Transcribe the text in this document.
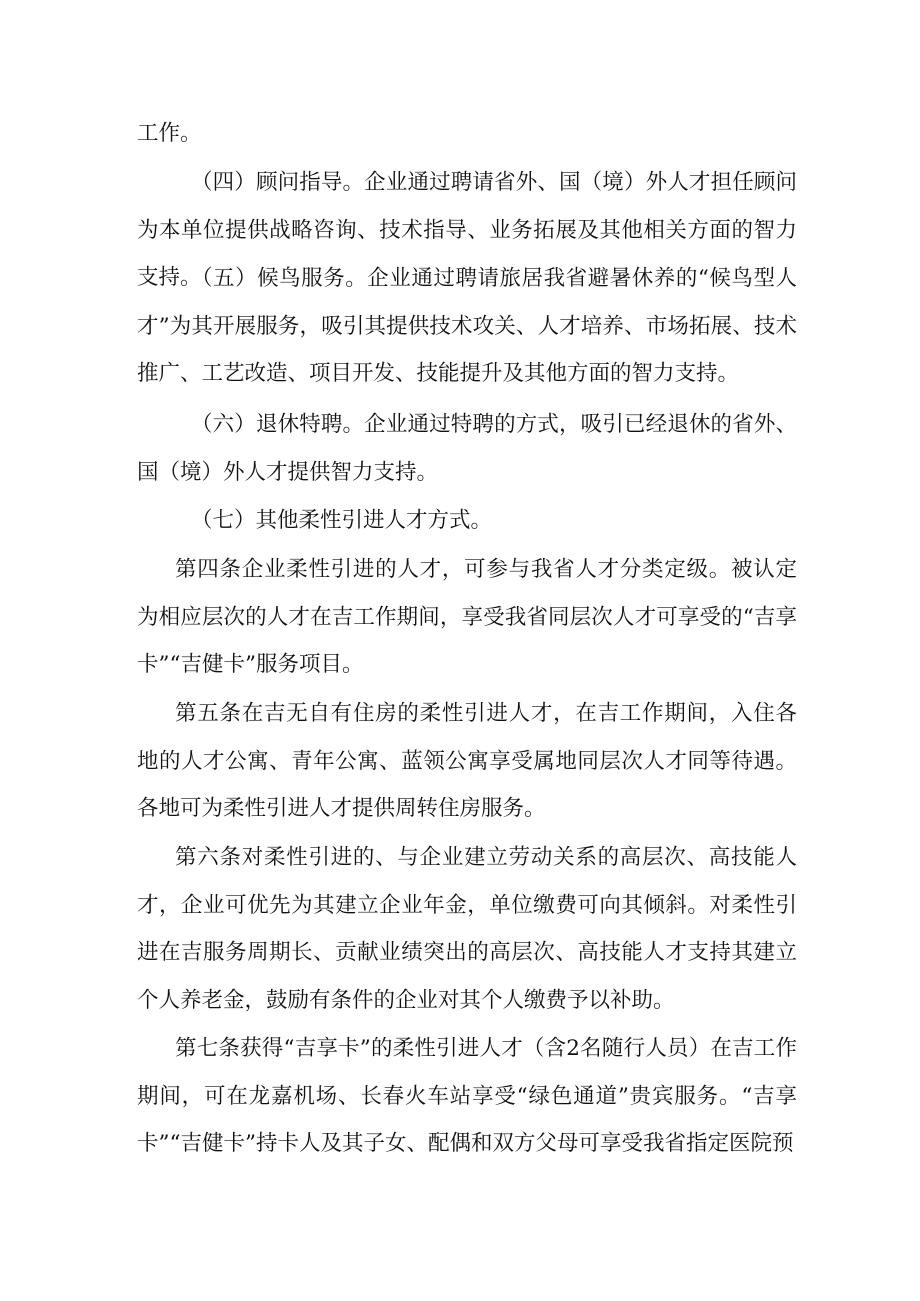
工作。

（四）顾问指导。企业通过聘请省外、国（境）外人才担任顾问为本单位提供战略咨询、技术指导、业务拓展及其他相关方面的智力支持。

（五）候鸟服务。企业通过聘请旅居我省避暑休养的“候鸟型人才”为其开展服务，吸引其提供技术攻关、人才培养、市场拓展、技术推广、工艺改造、项目开发、技能提升及其他方面的智力支持。

（六）退休特聘。企业通过特聘的方式，吸引已经退休的省外、国（境）外人才提供智力支持。

（七）其他柔性引进人才方式。

第四条企业柔性引进的人才，可参与我省人才分类定级。被认定为相应层次的人才在吉工作期间，享受我省同层次人才可享受的“吉享卡”“吉健卡”服务项目。

第五条在吉无自有住房的柔性引进人才，在吉工作期间，入住各地的人才公寓、青年公寓、蓝领公寓享受属地同层次人才同等待遇。各地可为柔性引进人才提供周转住房服务。

第六条对柔性引进的、与企业建立劳动关系的高层次、高技能人才，企业可优先为其建立企业年金，单位缴费可向其倾斜。对柔性引进在吉服务周期长、贡献业绩突出的高层次、高技能人才支持其建立个人养老金，鼓励有条件的企业对其个人缴费予以补助。

第七条获得“吉享卡”的柔性引进人才（含2名随行人员）在吉工作期间，可在龙嘉机场、长春火车站享受“绿色通道”贵宾服务。“吉享卡”“吉健卡”持卡人及其子女、配偶和双方父母可享受我省指定医院预
